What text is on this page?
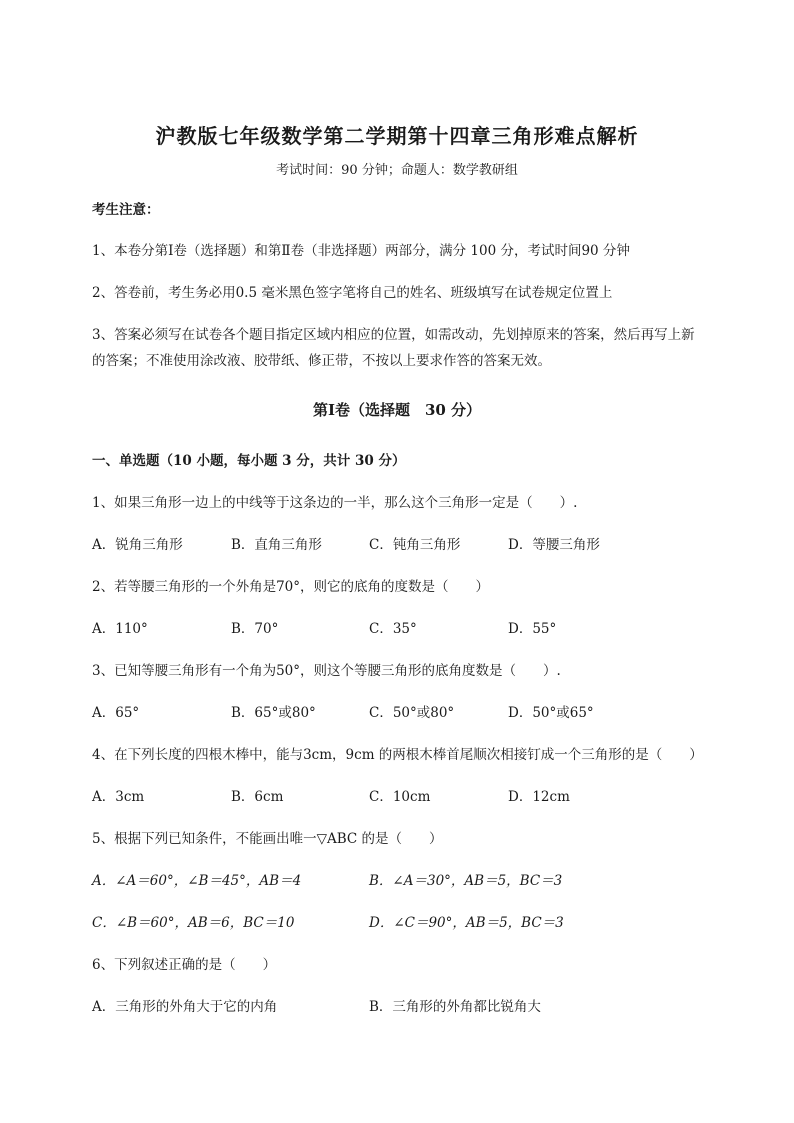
沪教版七年级数学第二学期第十四章三角形难点解析
考试时间：90 分钟；命题人：数学教研组
考生注意：
1、本卷分第Ⅰ卷（选择题）和第Ⅱ卷（非选择题）两部分，满分 100 分，考试时间90 分钟
2、答卷前，考生务必用0.5 毫米黑色签字笔将自己的姓名、班级填写在试卷规定位置上
3、答案必须写在试卷各个题目指定区域内相应的位置，如需改动，先划掉原来的答案，然后再写上新
的答案；不准使用涂改液、胶带纸、修正带，不按以上要求作答的答案无效。
第Ⅰ卷（选择题　30 分）
一、单选题（10 小题，每小题 3 分，共计 30 分）
1、如果三角形一边上的中线等于这条边的一半，那么这个三角形一定是（　　）.
A．锐角三角形	B．直角三角形	C．钝角三角形	D．等腰三角形
2、若等腰三角形的一个外角是70°，则它的底角的度数是（　　）
A．110°	B．70°	C．35°	D．55°
3、已知等腰三角形有一个角为50°，则这个等腰三角形的底角度数是（　　）.
A．65°	B．65°或80°	C．50°或80°	D．50°或65°
4、在下列长度的四根木棒中，能与3cm，9cm 的两根木棒首尾顺次相接钉成一个三角形的是（　　）
A．3cm	B．6cm	C．10cm	D．12cm
5、根据下列已知条件，不能画出唯一▽ABC 的是（　　）
A．∠A＝60°，∠B＝45°，AB＝4	B．∠A＝30°，AB＝5，BC＝3
C．∠B＝60°，AB＝6，BC＝10	D．∠C＝90°，AB＝5，BC＝3
6、下列叙述正确的是（　　）
A．三角形的外角大于它的内角	B．三角形的外角都比锐角大
